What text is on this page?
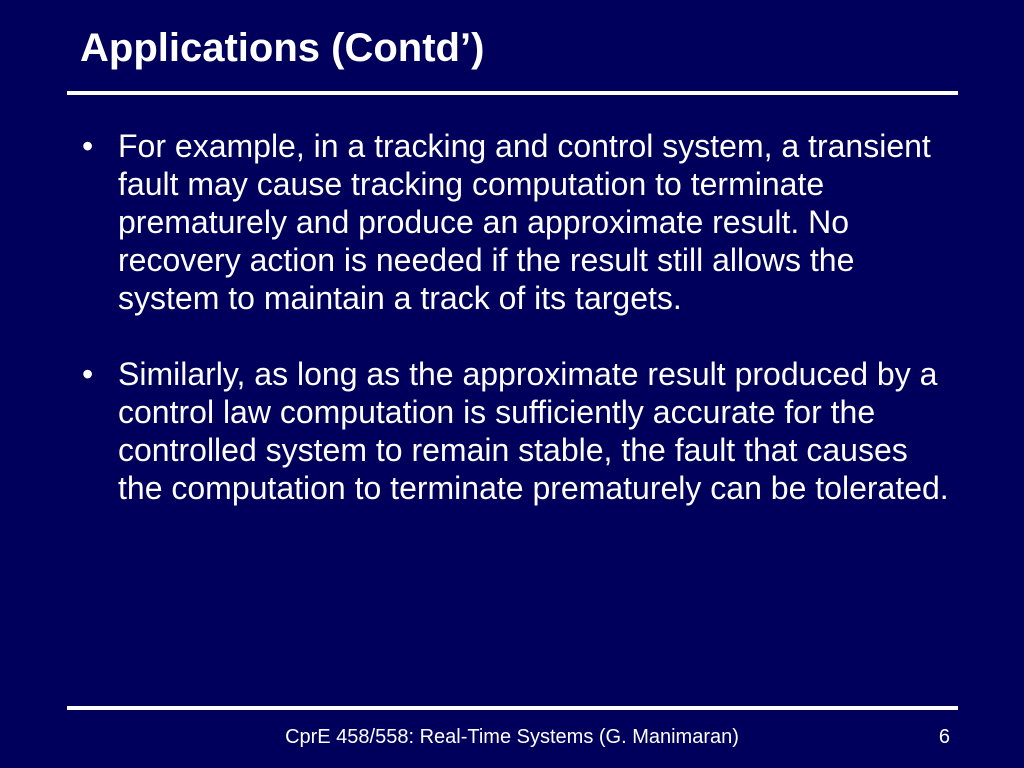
Applications (Contd’)
• For example, in a tracking and control system, a transient fault may cause tracking computation to terminate prematurely and produce an approximate result. No recovery action is needed if the result still allows the system to maintain a track of its targets.
• Similarly, as long as the approximate result produced by a control law computation is sufficiently accurate for the controlled system to remain stable, the fault that causes the computation to terminate prematurely can be tolerated.
CprE 458/558: Real-Time Systems (G. Manimaran)	6
